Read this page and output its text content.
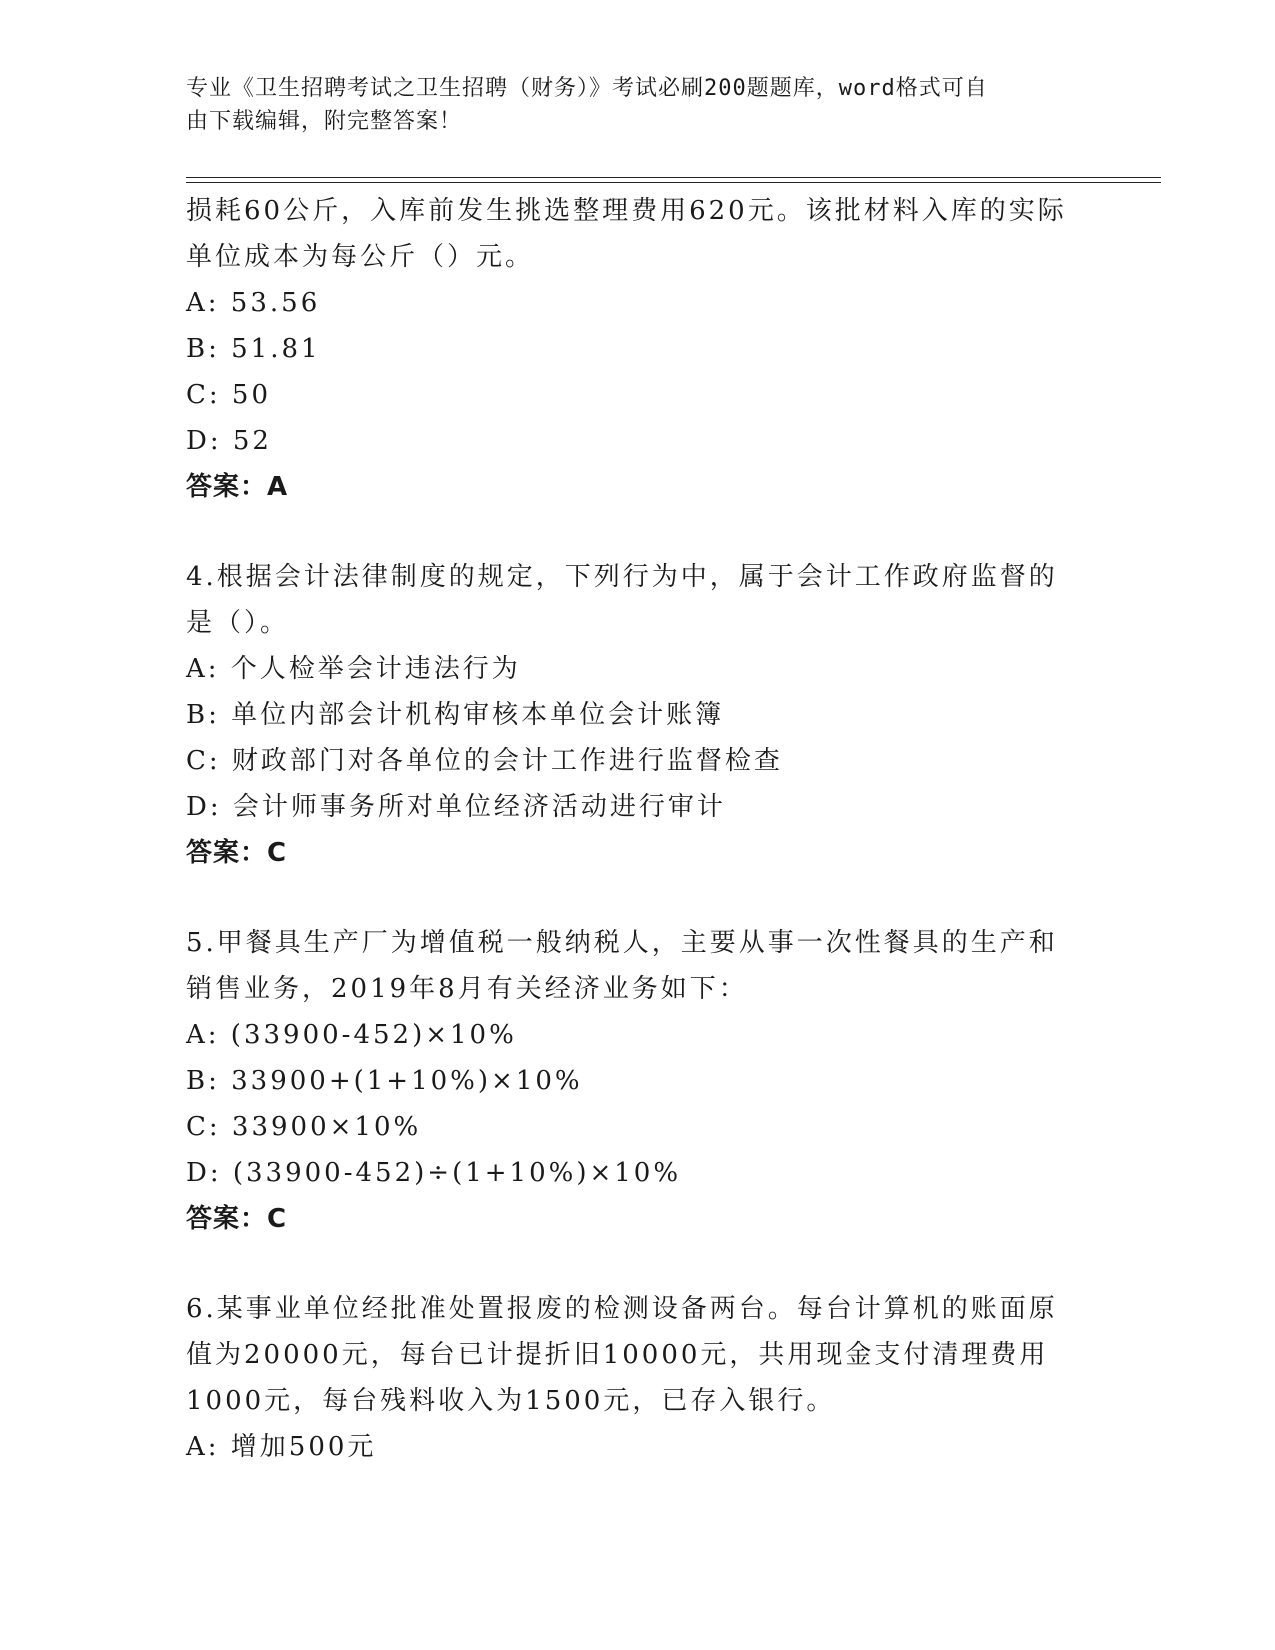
专业《卫生招聘考试之卫生招聘（财务）》考试必刷200题题库，word格式可自
由下载编辑，附完整答案！
损耗60公斤，入库前发生挑选整理费用620元。该批材料入库的实际
单位成本为每公斤（）元。
A: 53.56
B: 51.81
C: 50
D: 52
答案：A
4.根据会计法律制度的规定，下列行为中，属于会计工作政府监督的
是（）。
A: 个人检举会计违法行为
B: 单位内部会计机构审核本单位会计账簿
C: 财政部门对各单位的会计工作进行监督检查
D: 会计师事务所对单位经济活动进行审计
答案：C
5.甲餐具生产厂为增值税一般纳税人，主要从事一次性餐具的生产和
销售业务，2019年8月有关经济业务如下：
A: (33900-452)×10%
B: 33900+(1+10%)×10%
C: 33900×10%
D: (33900-452)÷(1+10%)×10%
答案：C
6.某事业单位经批准处置报废的检测设备两台。每台计算机的账面原
值为20000元，每台已计提折旧10000元，共用现金支付清理费用
1000元，每台残料收入为1500元，已存入银行。
A: 增加500元
